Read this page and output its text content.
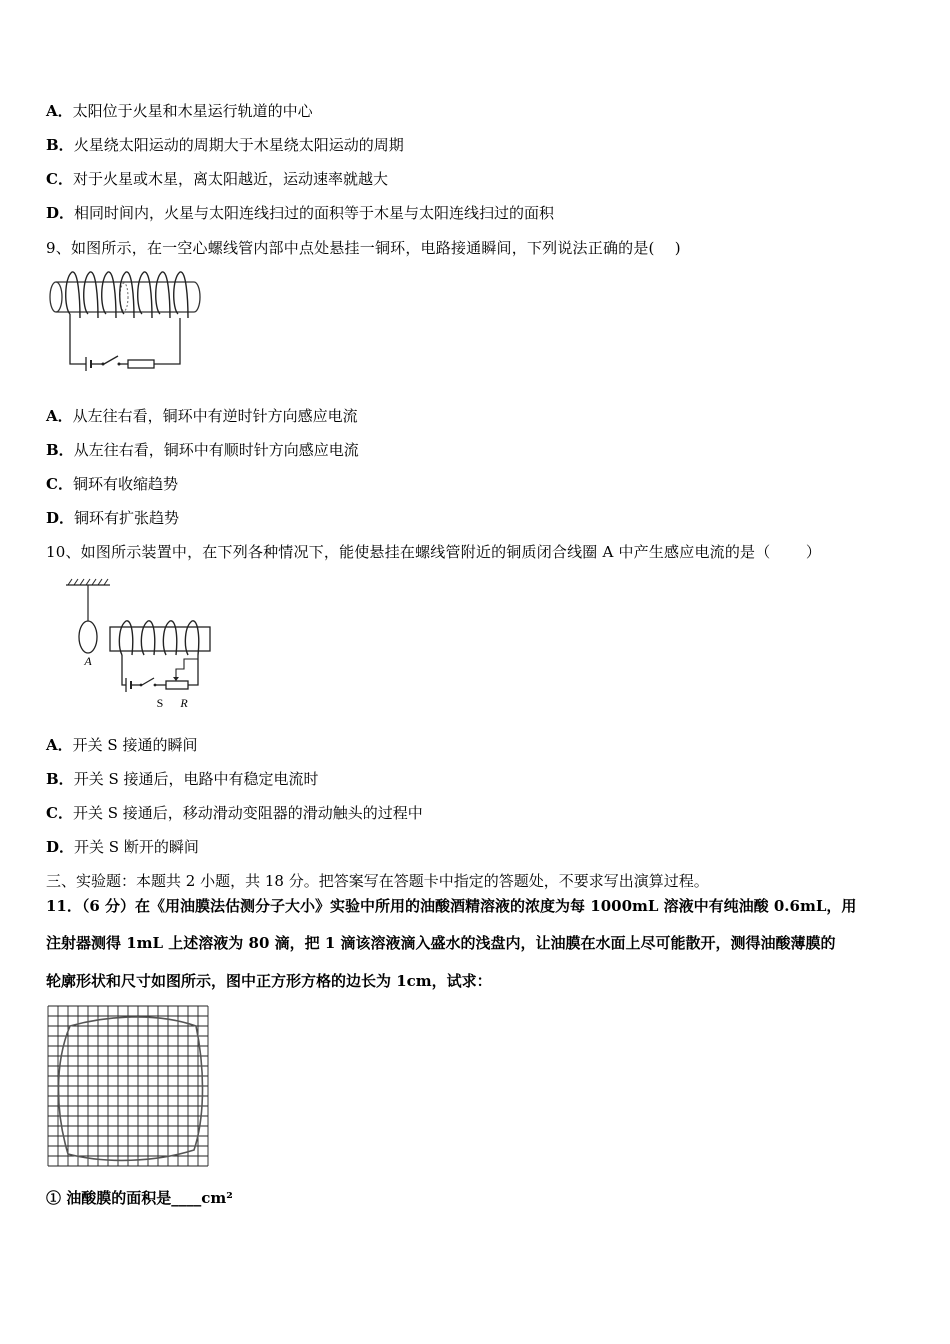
A．太阳位于火星和木星运行轨道的中心
B．火星绕太阳运动的周期大于木星绕太阳运动的周期
C．对于火星或木星，离太阳越近，运动速率就越大
D．相同时间内，火星与太阳连线扫过的面积等于木星与太阳连线扫过的面积
9、如图所示，在一空心螺线管内部中点处悬挂一铜环，电路接通瞬间，下列说法正确的是(　 )
A．从左往右看，铜环中有逆时针方向感应电流
B．从左往右看，铜环中有顺时针方向感应电流
C．铜环有收缩趋势
D．铜环有扩张趋势
10、如图所示装置中，在下列各种情况下，能使悬挂在螺线管附近的铜质闭合线圈 A 中产生感应电流的是（　　 ）
A
S R
A．开关 S 接通的瞬间
B．开关 S 接通后，电路中有稳定电流时
C．开关 S 接通后，移动滑动变阻器的滑动触头的过程中
D．开关 S 断开的瞬间
三、实验题：本题共 2 小题，共 18 分。把答案写在答题卡中指定的答题处，不要求写出演算过程。
11．（6 分）在《用油膜法估测分子大小》实验中所用的油酸酒精溶液的浓度为每 1000mL 溶液中有纯油酸 0.6mL，用
注射器测得 1mL 上述溶液为 80 滴，把 1 滴该溶液滴入盛水的浅盘内，让油膜在水面上尽可能散开，测得油酸薄膜的
轮廓形状和尺寸如图所示，图中正方形方格的边长为 1cm，试求：
① 油酸膜的面积是____cm²
